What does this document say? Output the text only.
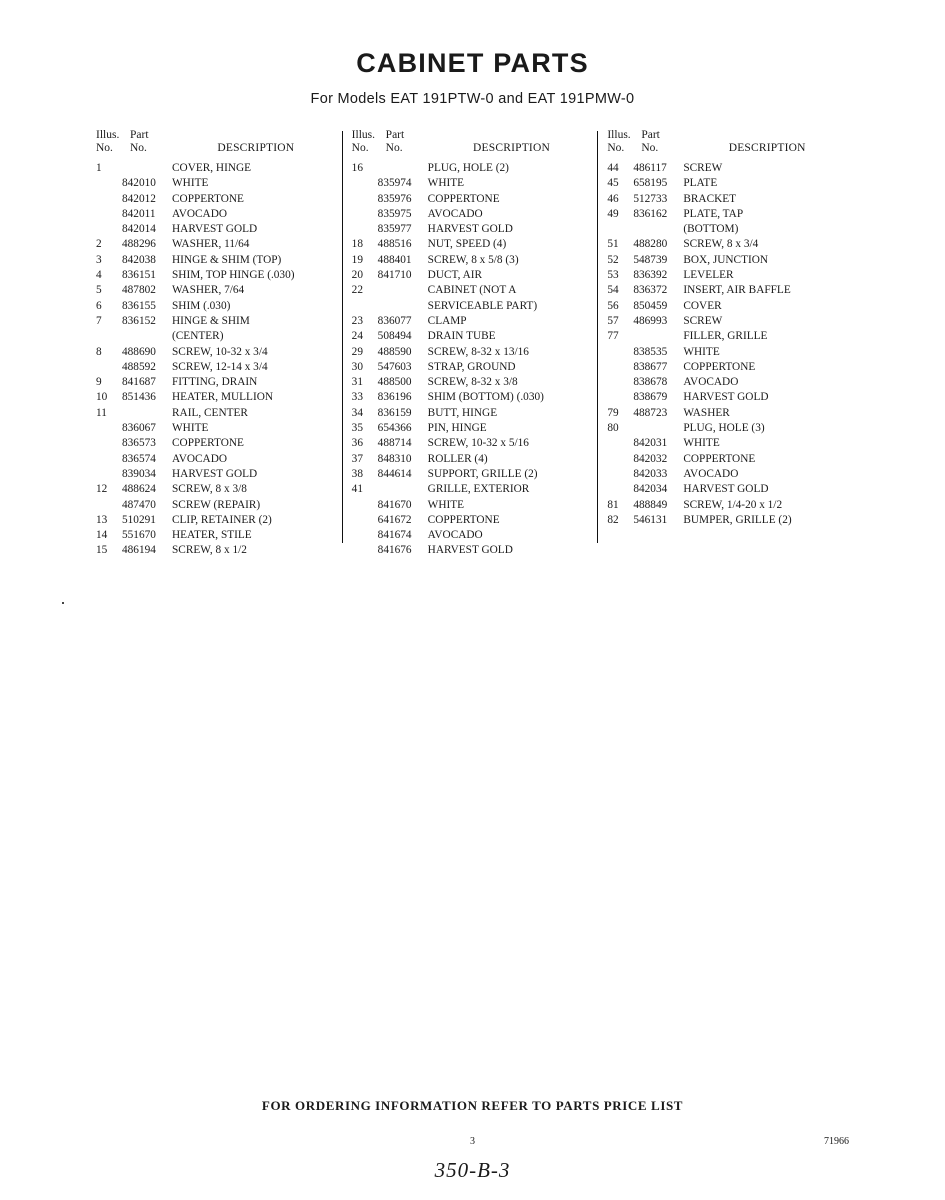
CABINET PARTS
For Models EAT 191PTW-0 and EAT 191PMW-0
Illus. Part
No.	No.	DESCRIPTION
1		COVER, HINGE
	842010	WHITE
	842012	COPPERTONE
	842011	AVOCADO
	842014	HARVEST GOLD
2	488296	WASHER, 11/64
3	842038	HINGE & SHIM (TOP)
4	836151	SHIM, TOP HINGE (.030)
5	487802	WASHER, 7/64
6	836155	SHIM (.030)
7	836152	HINGE & SHIM
		(CENTER)
8	488690	SCREW, 10-32 x 3/4
	488592	SCREW, 12-14 x 3/4
9	841687	FITTING, DRAIN
10	851436	HEATER, MULLION
11		RAIL, CENTER
	836067	WHITE
	836573	COPPERTONE
	836574	AVOCADO
	839034	HARVEST GOLD
12	488624	SCREW, 8 x 3/8
	487470	SCREW (REPAIR)
13	510291	CLIP, RETAINER (2)
14	551670	HEATER, STILE
15	486194	SCREW, 8 x 1/2
Illus. Part
No.	No.	DESCRIPTION
16		PLUG, HOLE (2)
	835974	WHITE
	835976	COPPERTONE
	835975	AVOCADO
	835977	HARVEST GOLD
18	488516	NUT, SPEED (4)
19	488401	SCREW, 8 x 5/8 (3)
20	841710	DUCT, AIR
22		CABINET (NOT A
		SERVICEABLE PART)
23	836077	CLAMP
24	508494	DRAIN TUBE
29	488590	SCREW, 8-32 x 13/16
30	547603	STRAP, GROUND
31	488500	SCREW, 8-32 x 3/8
33	836196	SHIM (BOTTOM) (.030)
34	836159	BUTT, HINGE
35	654366	PIN, HINGE
36	488714	SCREW, 10-32 x 5/16
37	848310	ROLLER (4)
38	844614	SUPPORT, GRILLE (2)
41		GRILLE, EXTERIOR
	841670	WHITE
	641672	COPPERTONE
	841674	AVOCADO
	841676	HARVEST GOLD
Illus. Part
No.	No.	DESCRIPTION
44	486117	SCREW
45	658195	PLATE
46	512733	BRACKET
49	836162	PLATE, TAP
		(BOTTOM)
51	488280	SCREW, 8 x 3/4
52	548739	BOX, JUNCTION
53	836392	LEVELER
54	836372	INSERT, AIR BAFFLE
56	850459	COVER
57	486993	SCREW
77		FILLER, GRILLE
	838535	WHITE
	838677	COPPERTONE
	838678	AVOCADO
	838679	HARVEST GOLD
79	488723	WASHER
80		PLUG, HOLE (3)
	842031	WHITE
	842032	COPPERTONE
	842033	AVOCADO
	842034	HARVEST GOLD
81	488849	SCREW, 1/4-20 x 1/2
82	546131	BUMPER, GRILLE (2)
FOR ORDERING INFORMATION REFER TO PARTS PRICE LIST
3	71966
350-B-3
